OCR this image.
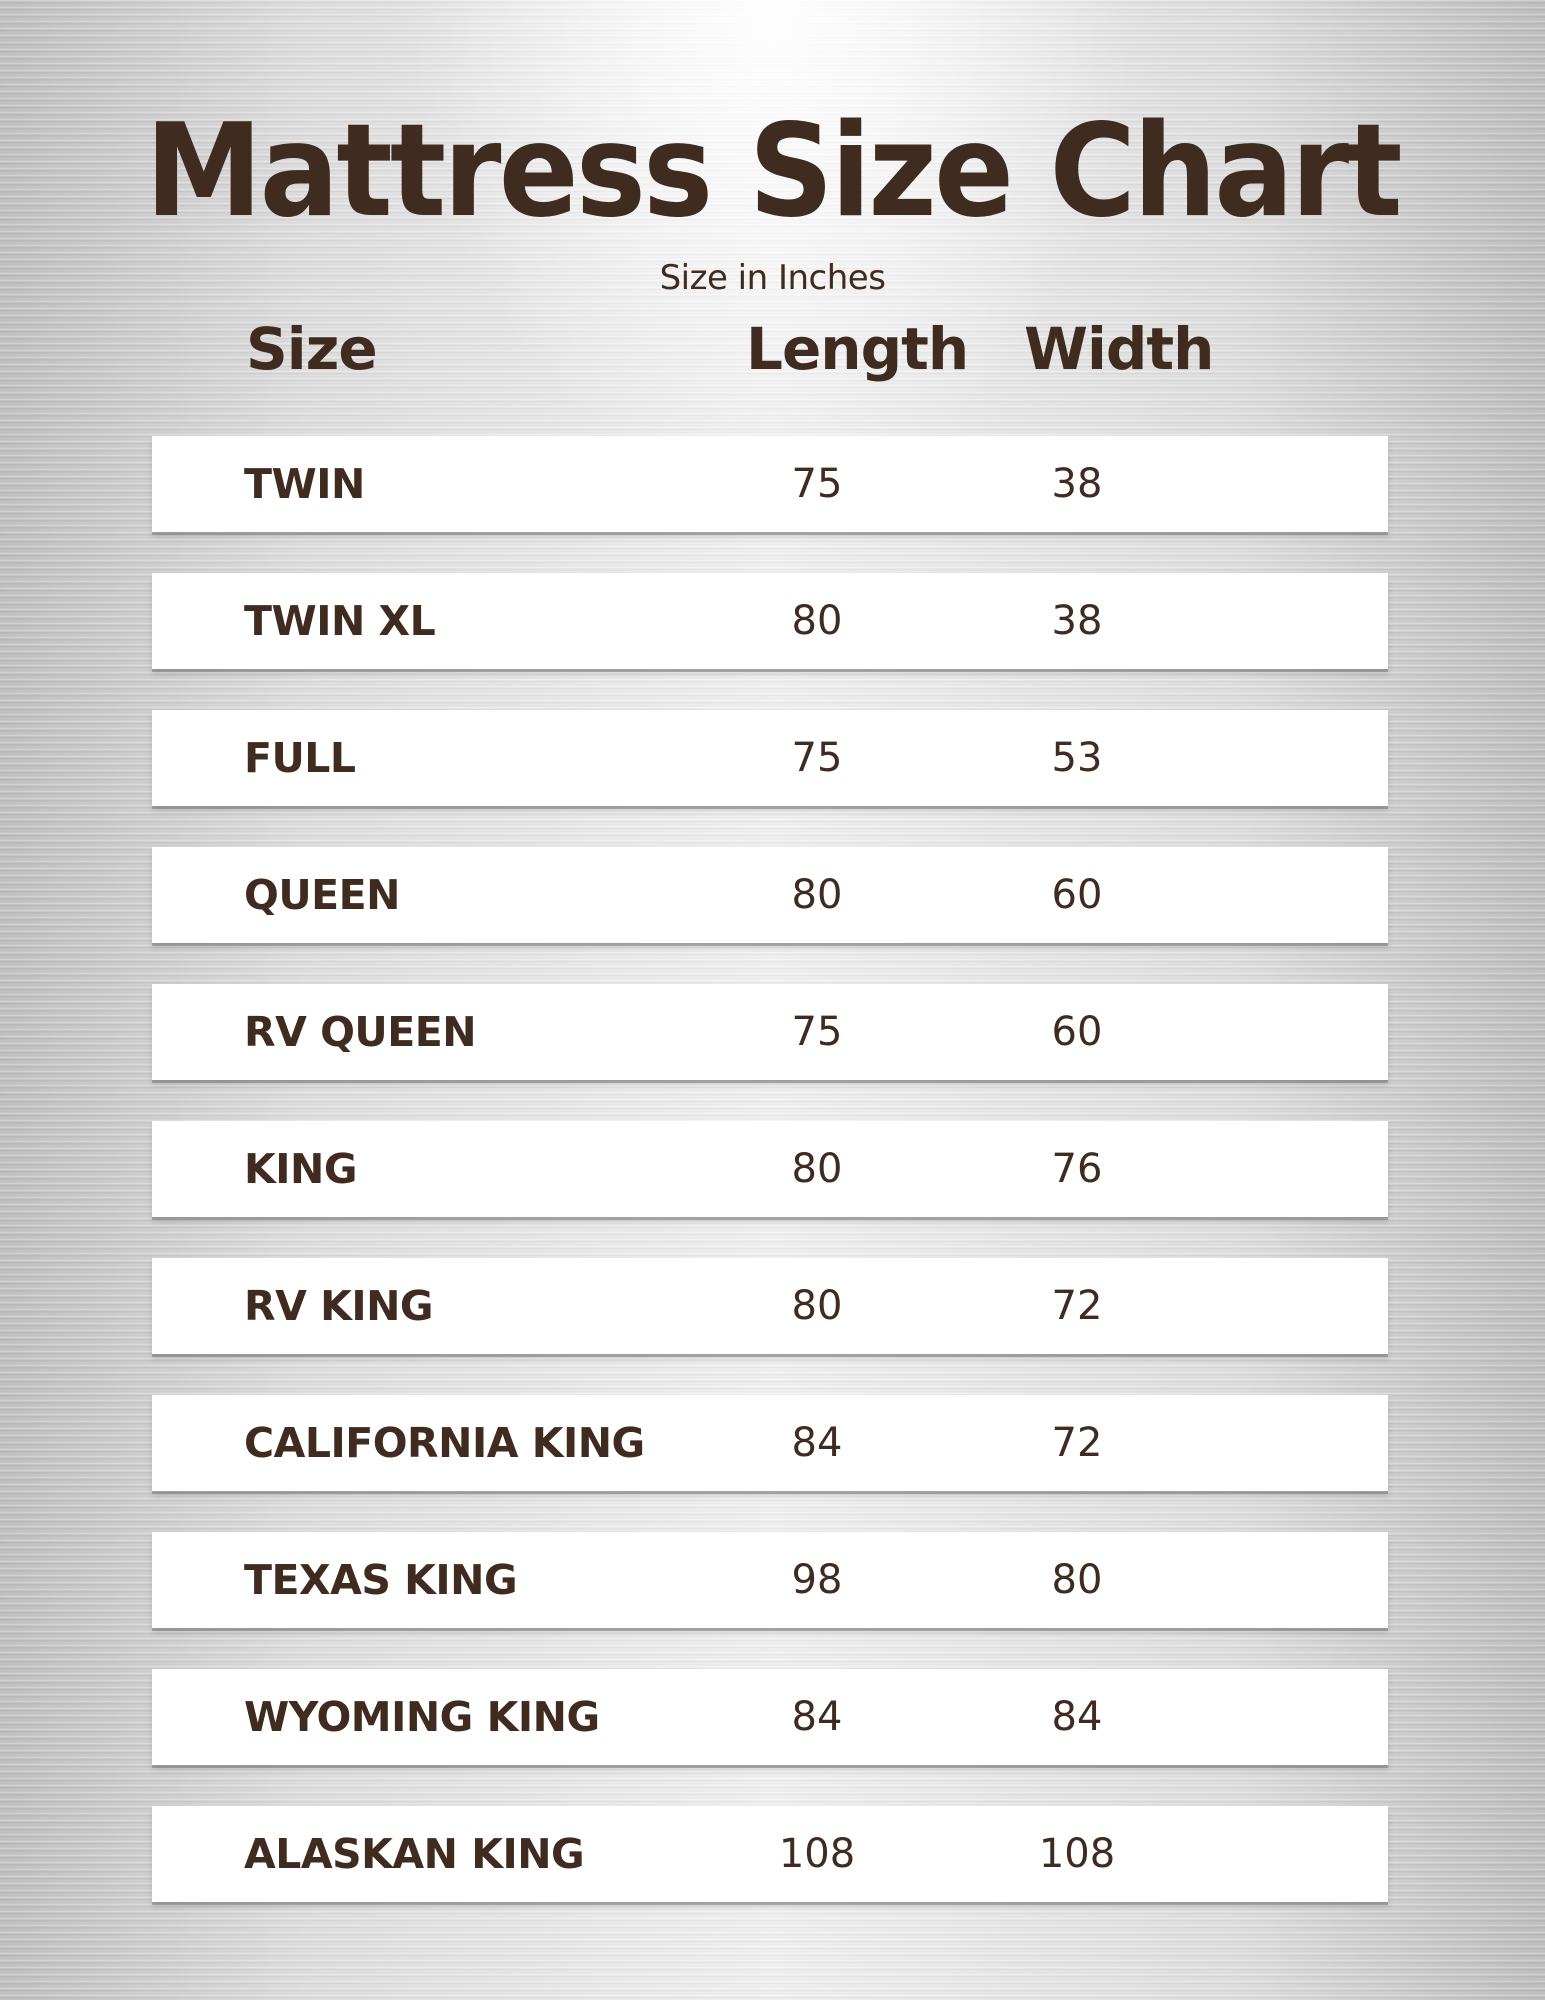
Mattress Size Chart
Size in Inches
Size	Length Width
TWIN	75	38
TWIN XL	80	38
FULL	75	53
QUEEN	80	60
RV QUEEN	75	60
KING	80	76
RV KING	80	72
CALIFORNIA KING	84	72
TEXAS KING	98	80
WYOMING KING	84	84
ALASKAN KING	108	108
